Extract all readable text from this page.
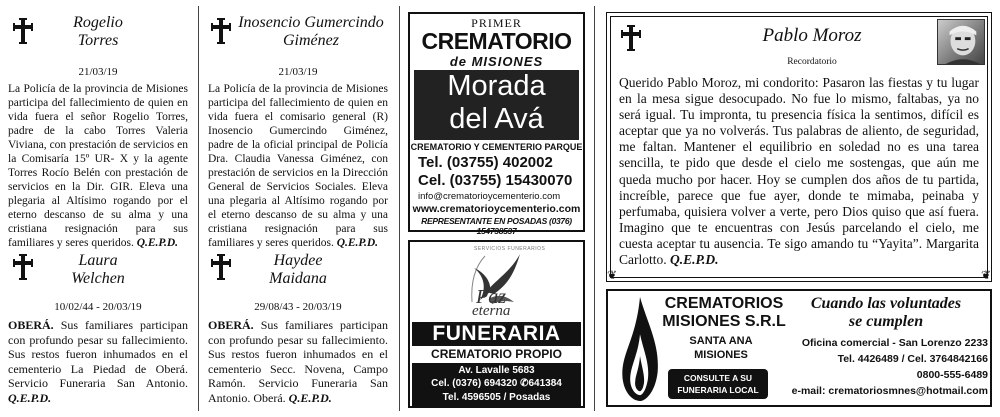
Rogelio
Torres
21/03/19
La Policía de la provincia de Misiones participa del fallecimiento de quien en vida fuera el señor Rogelio Torres, padre de la cabo Torres Valeria Viviana, con prestación de servicios en la Comisaría 15º UR- X y la agente Torres Rocío Belén con prestación de servicios en la Dir. GIR. Eleva una plegaria al Altísimo rogando por el eterno descanso de su alma y una cristiana resignación para sus familiares y seres queridos. Q.E.P.D.
Laura
Welchen
10/02/44 - 20/03/19
OBERÁ. Sus familiares participan con profundo pesar su fallecimiento. Sus restos fueron inhumados en el cementerio La Piedad de Oberá. Servicio Funeraria San Antonio. Q.E.P.D.
Inosencio Gumercindo
Giménez
21/03/19
La Policía de la provincia de Misiones participa del fallecimiento de quien en vida fuera el comisario general (R) Inosencio Gumercindo Giménez, padre de la oficial principal de Policía Dra. Claudia Vanessa Giménez, con prestación de servicios en la Dirección General de Servicios Sociales. Eleva una plegaria al Altísimo rogando por el eterno descanso de su alma y una cristiana resignación para sus familiares y seres queridos. Q.E.P.D.
Haydee
Maidana
29/08/43 - 20/03/19
OBERÁ. Sus familiares participan con profundo pesar su fallecimiento. Sus restos fueron inhumados en el cementerio Secc. Novena, Campo Ramón. Servicio Funeraria San Antonio. Oberá. Q.E.P.D.
PRIMER
CREMATORIO
de MISIONES
Morada
del Avá
CREMATORIO Y CEMENTERIO PARQUE
Tel. (03755) 402002
Cel. (03755) 15430070
info@crematorioycementerio.com
www.crematorioycementerio.com
REPRESENTANTE EN POSADAS (0376) 154738537
SERVICIOS FUNERARIOS
Paz
eterna
FUNERARIA
CREMATORIO PROPIO
Av. Lavalle 5683
Cel. (0376) 694320 ✆641384
Tel. 4596505 / Posadas
Pablo Moroz
Recordatorio
Querido Pablo Moroz, mi condorito: Pasaron las fiestas y tu lugar en la mesa sigue desocupado. No fue lo mismo, faltabas, ya no será igual. Tu impronta, tu presencia física la sentimos, difícil es aceptar que ya no volverás. Tus palabras de aliento, de seguridad, me faltan. Mantener el equilibrio en soledad no es una tarea sencilla, te pido que desde el cielo me sostengas, que aún me queda mucho por hacer. Hoy se cumplen dos años de tu partida, increíble, parece que fue ayer, donde te mimaba, peinaba y perfumaba, quisiera volver a verte, pero Dios quiso que así fuera. Imagino que te encuentras con Jesús parcelando el cielo, me cuesta aceptar tu ausencia. Te sigo amando tu “Yayita”. Margarita Carlotto. Q.E.P.D.
❦	❦
CREMATORIOS
MISIONES S.R.L
SANTA ANA
MISIONES
CONSULTE A SU
FUNERARIA LOCAL
Cuando las voluntades
se cumplen
Oficina comercial - San Lorenzo 2233
Tel. 4426489 / Cel. 3764842166
0800-555-6489
e-mail: crematoriosmnes@hotmail.com
